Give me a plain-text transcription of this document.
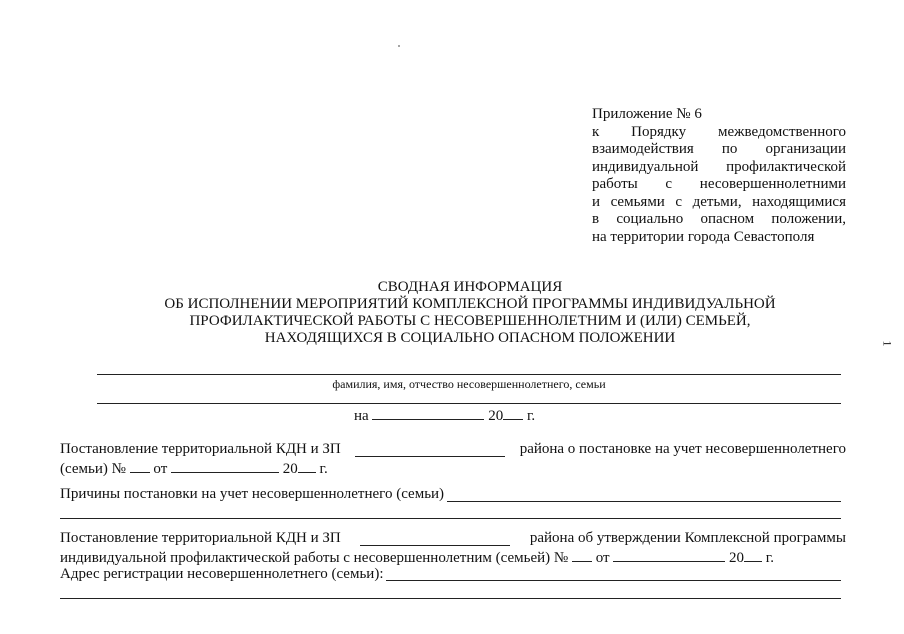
Приложение № 6
к Порядку межведомственного
взаимодействия по организации
индивидуальной профилактической
работы с несовершеннолетними
и семьями с детьми, находящимися
в социально опасном положении,
на территории города Севастополя
СВОДНАЯ ИНФОРМАЦИЯ
ОБ ИСПОЛНЕНИИ МЕРОПРИЯТИЙ КОМПЛЕКСНОЙ ПРОГРАММЫ ИНДИВИДУАЛЬНОЙ
ПРОФИЛАКТИЧЕСКОЙ РАБОТЫ С НЕСОВЕРШЕННОЛЕТНИМ И (ИЛИ) СЕМЬЕЙ,
НАХОДЯЩИХСЯ В СОЦИАЛЬНО ОПАСНОМ ПОЛОЖЕНИИ	1
фамилия, имя, отчество несовершеннолетнего, семьи
на	20 г.
Постановление территориальной КДН и ЗП	района о постановке на учет несовершеннолетнего
(семьи) № от	20 г.
Причины постановки на учет несовершеннолетнего (семьи)
Постановление территориальной КДН и ЗП	района об утверждении Комплексной программы
индивидуальной профилактической работы с несовершеннолетним (семьей) № от	20 г.
Адрес регистрации несовершеннолетнего (семьи):
